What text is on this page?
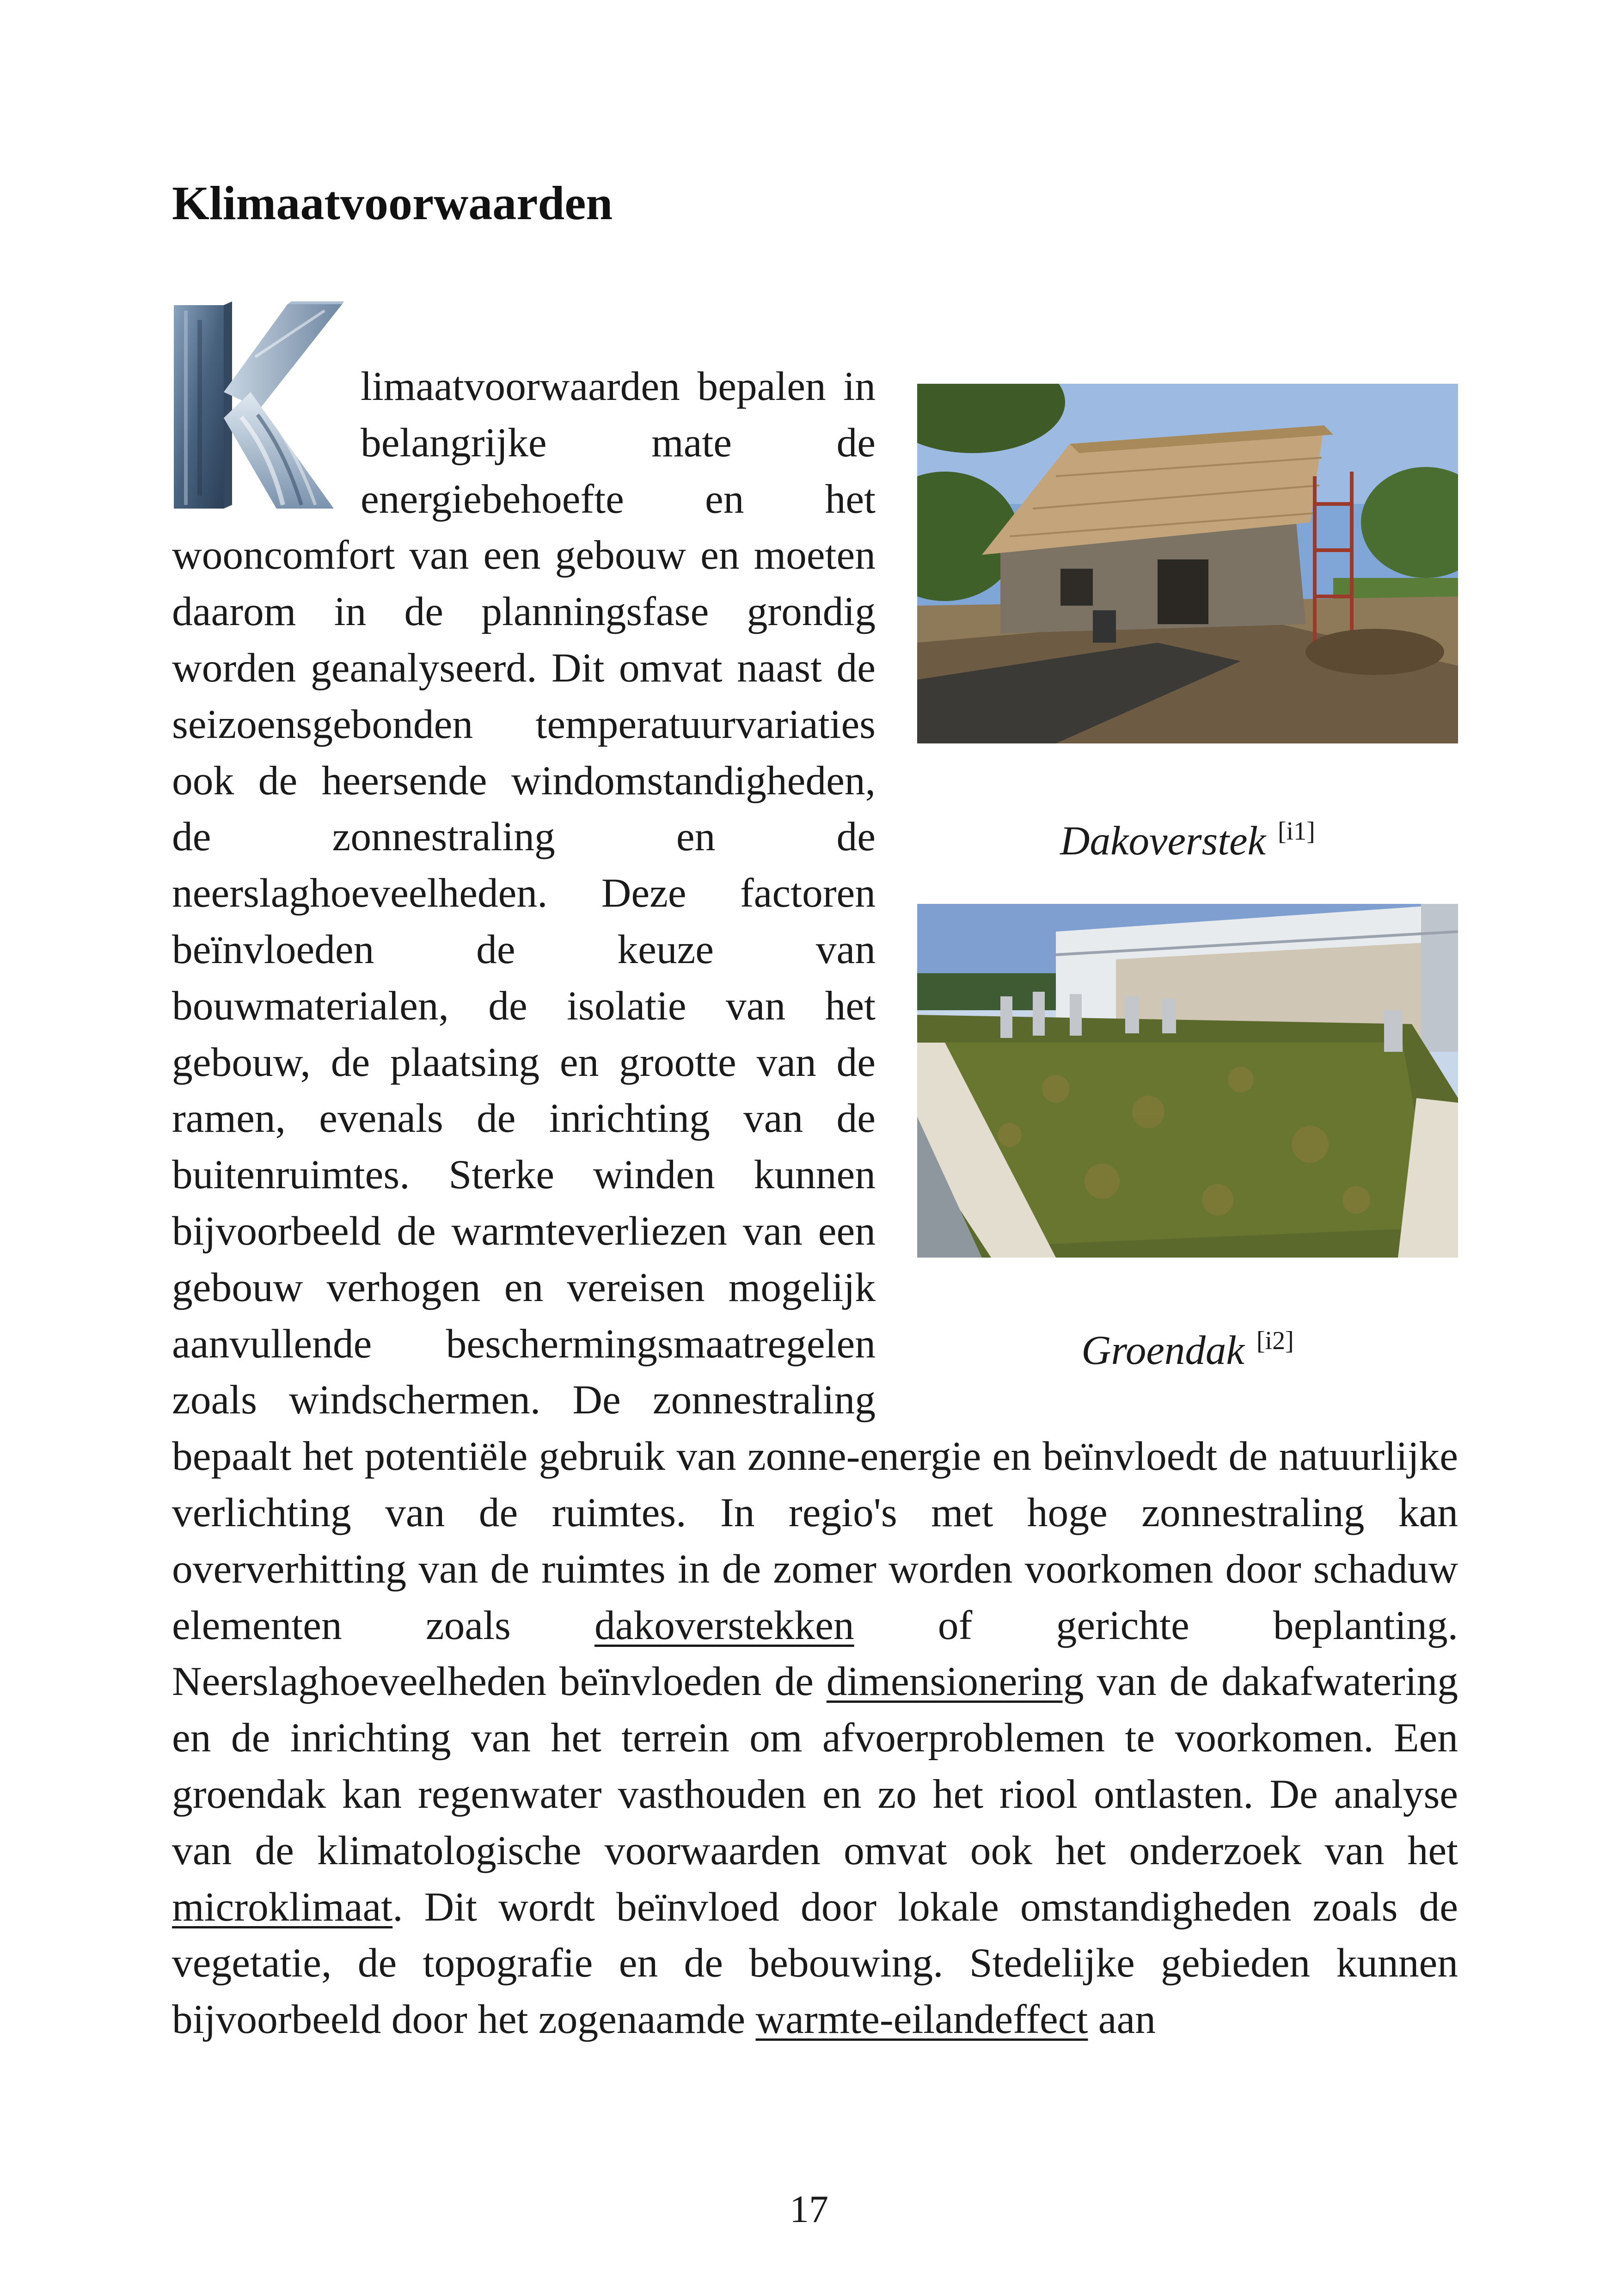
Klimaatvoorwaarden
Dakoverstek [i1]
Groendak [i2]

limaatvoorwaarden bepalen in belangrijke mate de energiebehoefte en het wooncomfort van een gebouw en moeten daarom in de planningsfase grondig worden geanalyseerd. Dit omvat naast de seizoensgebonden temperatuurvariaties ook de heersende windomstandigheden, de zonnestraling en de neerslaghoeveelheden. Deze factoren beïnvloeden de keuze van bouwmaterialen, de isolatie van het gebouw, de plaatsing en grootte van de ramen, evenals de inrichting van de buitenruimtes. Sterke winden kunnen bijvoorbeeld de warmteverliezen van een gebouw verhogen en vereisen mogelijk aanvullende beschermingsmaatregelen zoals windschermen. De zonnestraling bepaalt het potentiële gebruik van zonne-energie en beïnvloedt de natuurlijke verlichting van de ruimtes. In regio's met hoge zonnestraling kan oververhitting van de ruimtes in de zomer worden voorkomen door schaduw elementen zoals dakoverstekken of gerichte beplanting. Neerslaghoeveelheden beïnvloeden de dimensionering van de dakafwatering en de inrichting van het terrein om afvoerproblemen te voorkomen. Een groendak kan regenwater vasthouden en zo het riool ontlasten. De analyse van de klimatologische voorwaarden omvat ook het onderzoek van het microklimaat. Dit wordt beïnvloed door lokale omstandigheden zoals de vegetatie, de topografie en de bebouwing. Stedelijke gebieden kunnen bijvoorbeeld door het zogenaamde warmte-eilandeffect aan

17
